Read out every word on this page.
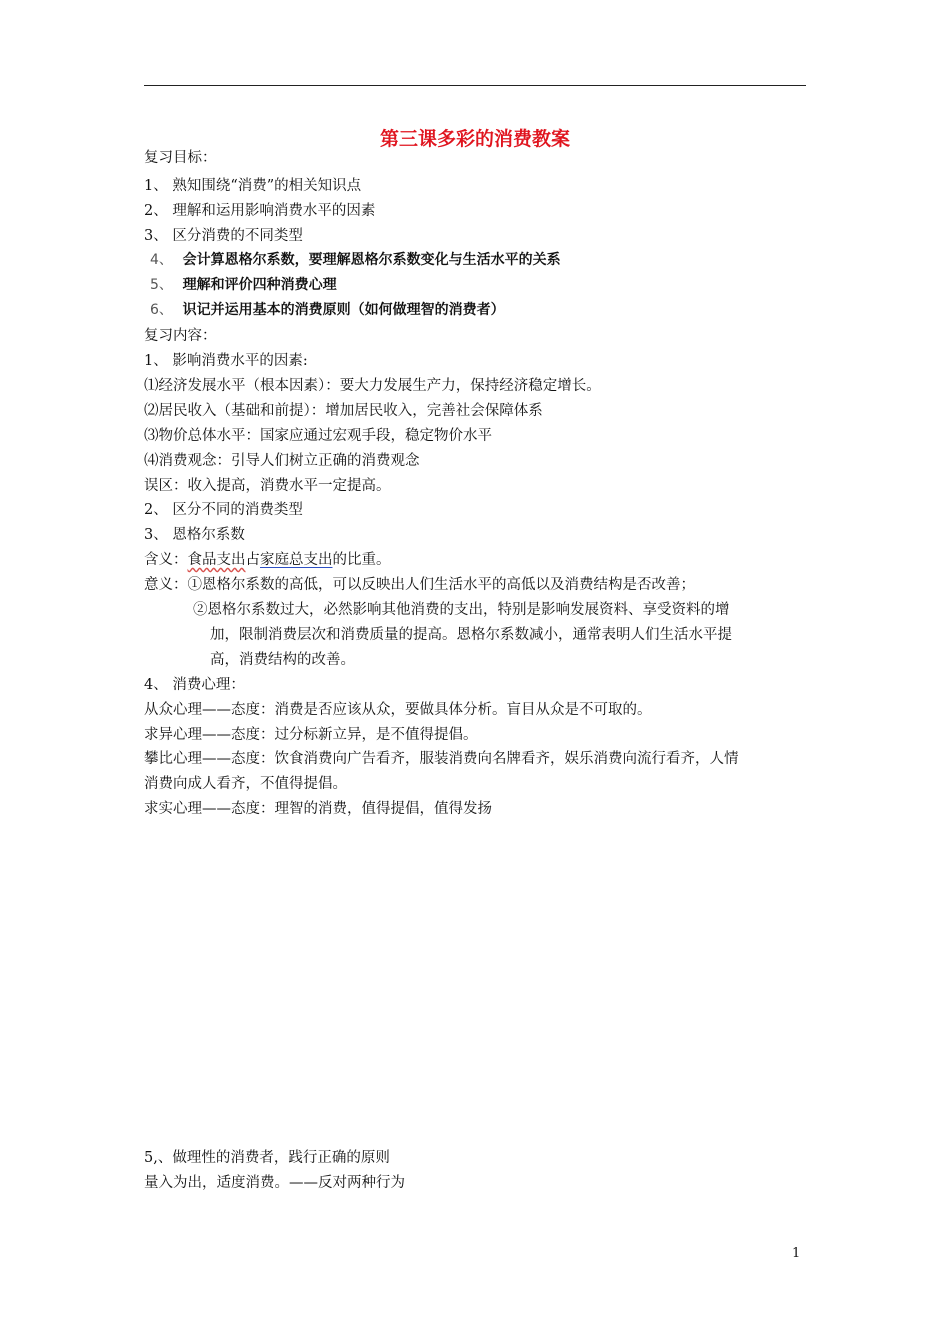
第三课多彩的消费教案
复习目标：
1、 熟知围绕“消费”的相关知识点
2、 理解和运用影响消费水平的因素
3、 区分消费的不同类型
4、 会计算恩格尔系数，要理解恩格尔系数变化与生活水平的关系
5、 理解和评价四种消费心理
6、 识记并运用基本的消费原则（如何做理智的消费者）
复习内容：
1、 影响消费水平的因素:
⑴经济发展水平（根本因素）：要大力发展生产力，保持经济稳定增长。
⑵居民收入（基础和前提）：增加居民收入，完善社会保障体系
⑶物价总体水平：国家应通过宏观手段，稳定物价水平
⑷消费观念：引导人们树立正确的消费观念
误区：收入提高，消费水平一定提高。
2、 区分不同的消费类型
3、 恩格尔系数
含义：食品支出占家庭总支出的比重。
意义：①恩格尔系数的高低，可以反映出人们生活水平的高低以及消费结构是否改善；
②恩格尔系数过大，必然影响其他消费的支出，特别是影响发展资料、享受资料的增
加，限制消费层次和消费质量的提高。恩格尔系数减小，通常表明人们生活水平提
高，消费结构的改善。
4、 消费心理：
从众心理——态度：消费是否应该从众，要做具体分析。盲目从众是不可取的。
求异心理——态度：过分标新立异，是不值得提倡。
攀比心理——态度：饮食消费向广告看齐，服装消费向名牌看齐，娱乐消费向流行看齐，人情
消费向成人看齐，不值得提倡。
求实心理——态度：理智的消费，值得提倡，值得发扬
5,、做理性的消费者，践行正确的原则
量入为出，适度消费。——反对两种行为
1
